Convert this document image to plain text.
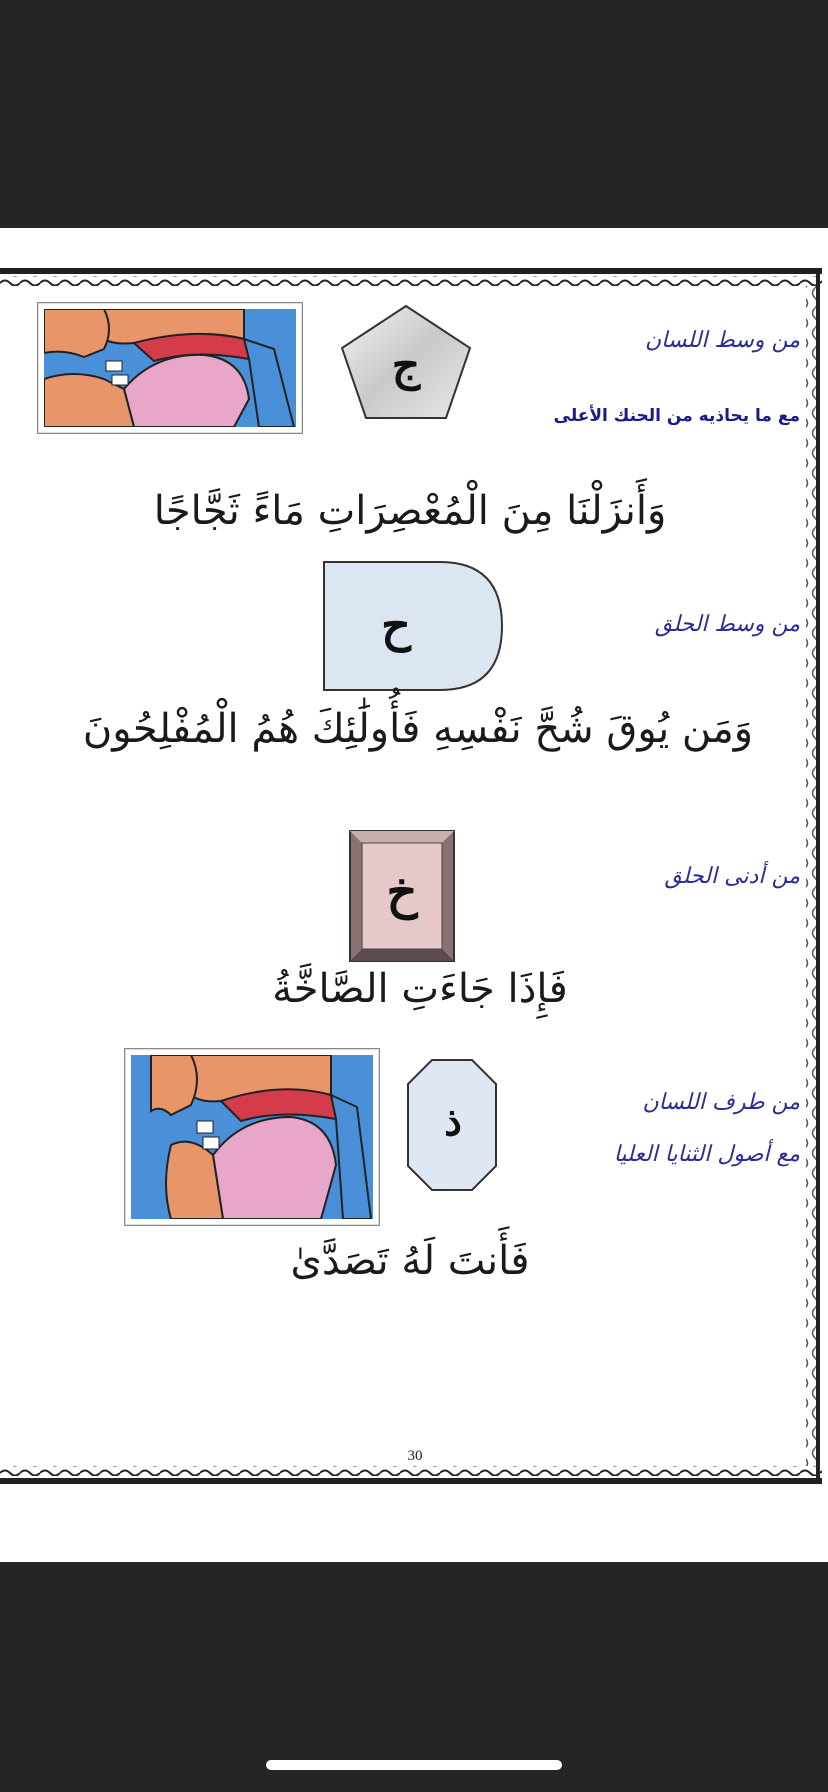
ج	من وسط اللسان
مع ما يحاذيه من الحنك الأعلى
وَأَنزَلْنَا مِنَ الْمُعْصِرَاتِ مَاءً ثَجَّاجًا
ح	من وسط الحلق
وَمَن يُوقَ شُحَّ نَفْسِهِ فَأُولَٰئِكَ هُمُ الْمُفْلِحُونَ
خ	من أدنى الحلق
فَإِذَا جَاءَتِ الصَّاخَّةُ
ذ	من طرف اللسان
مع أصول الثنايا العليا
فَأَنتَ لَهُ تَصَدَّىٰ
30
